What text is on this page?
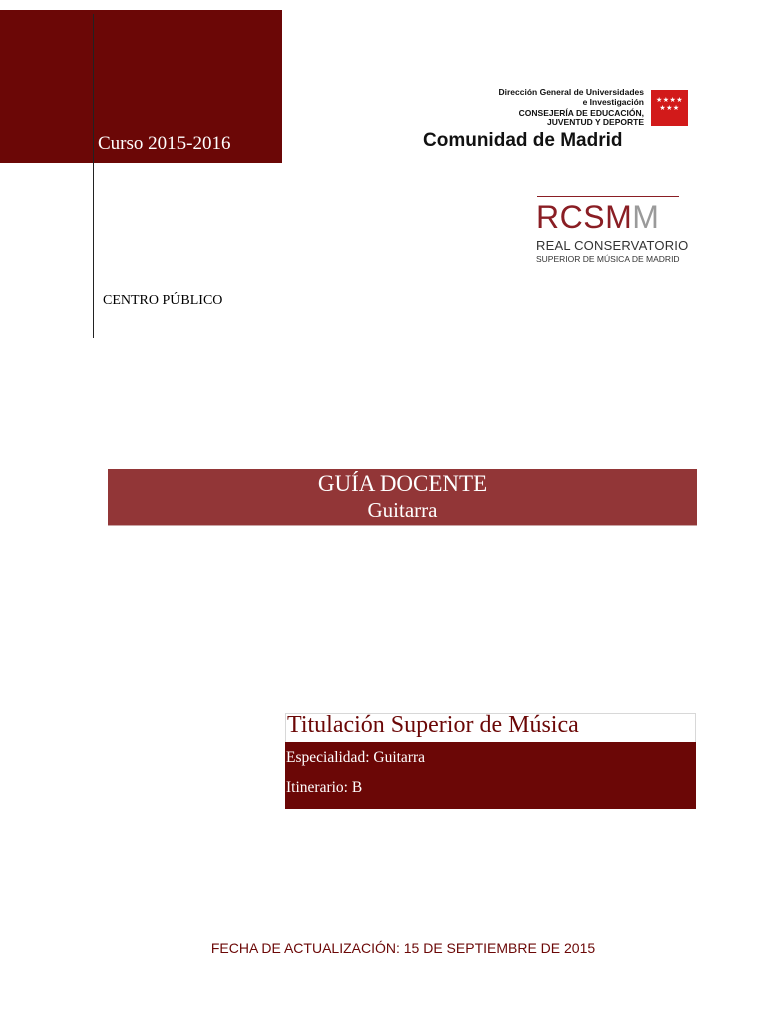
Curso 2015-2016
CENTRO PÚBLICO
Dirección General de Universidades
e Investigación
CONSEJERÍA DE EDUCACIÓN,
JUVENTUD Y DEPORTE
★★★★
★★★
Comunidad de Madrid
RCSMM
REAL CONSERVATORIO
SUPERIOR DE MÚSICA DE MADRID
GUÍA DOCENTE
Guitarra
Titulación Superior de Música
Especialidad: Guitarra
Itinerario: B
FECHA DE ACTUALIZACIÓN: 15 DE SEPTIEMBRE DE 2015
